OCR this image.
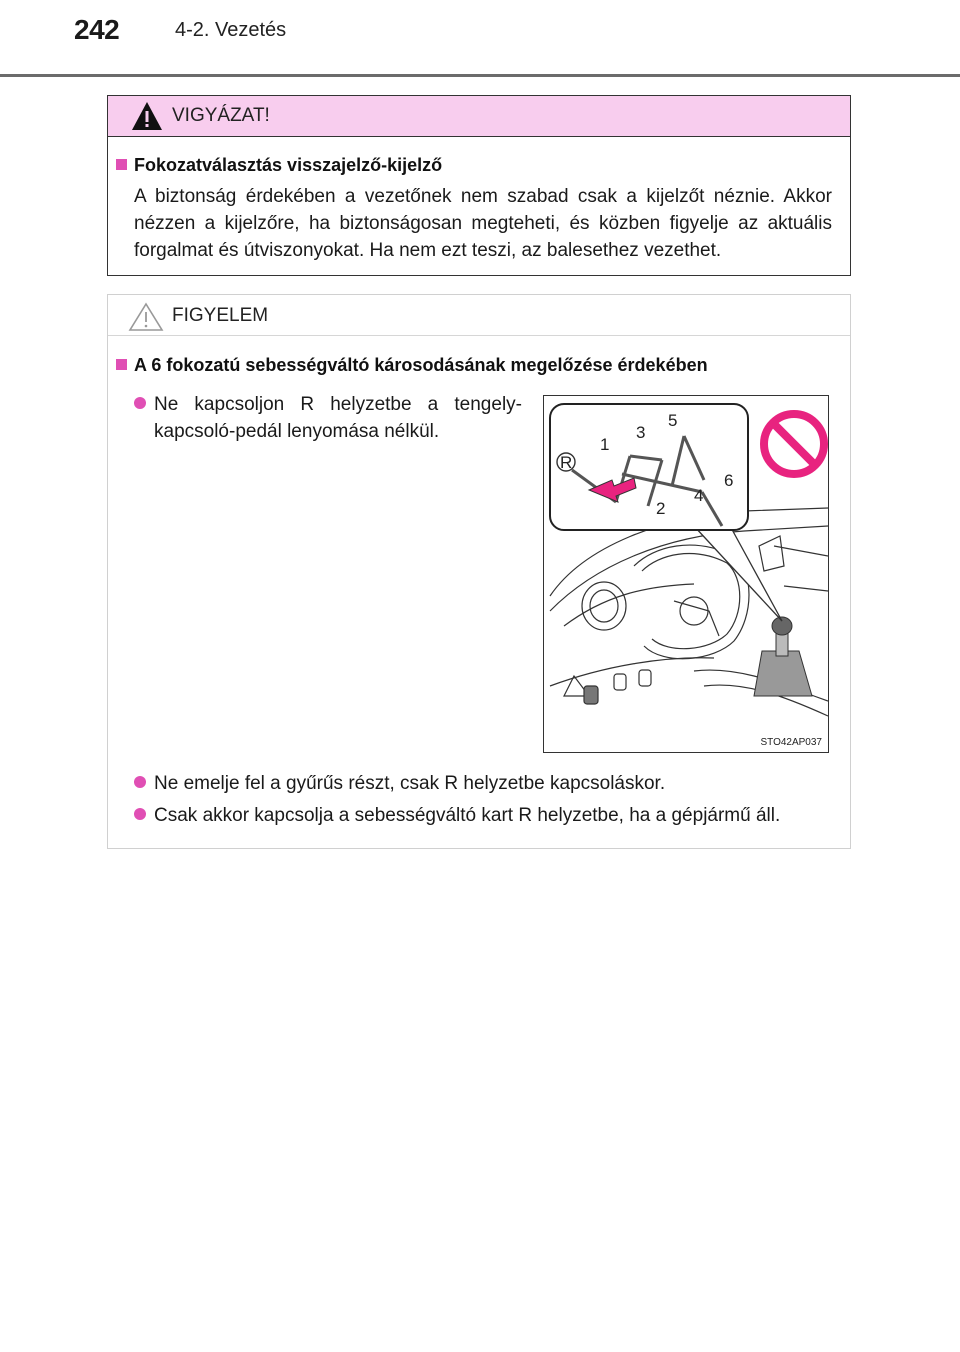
242	4-2. Vezetés
VIGYÁZAT!
Fokozatválasztás visszajelző-kijelző
A biztonság érdekében a vezetőnek nem szabad csak a kijelzőt néznie. Akkor nézzen a kijelzőre, ha biztonságosan megteheti, és közben figyelje az aktuális forgalmat és útviszonyokat. Ha nem ezt teszi, az balesethez vezethet.
FIGYELEM
A 6 fokozatú sebességváltó károsodásának megelőzése érdekében
Ne kapcsoljon R helyzetbe a tengely-kapcsoló-pedál lenyomása nélkül.
R
1
2
3
4
5
6
STO42AP037
Ne emelje fel a gyűrűs részt, csak R helyzetbe kapcsoláskor.
Csak akkor kapcsolja a sebességváltó kart R helyzetbe, ha a gépjármű áll.
